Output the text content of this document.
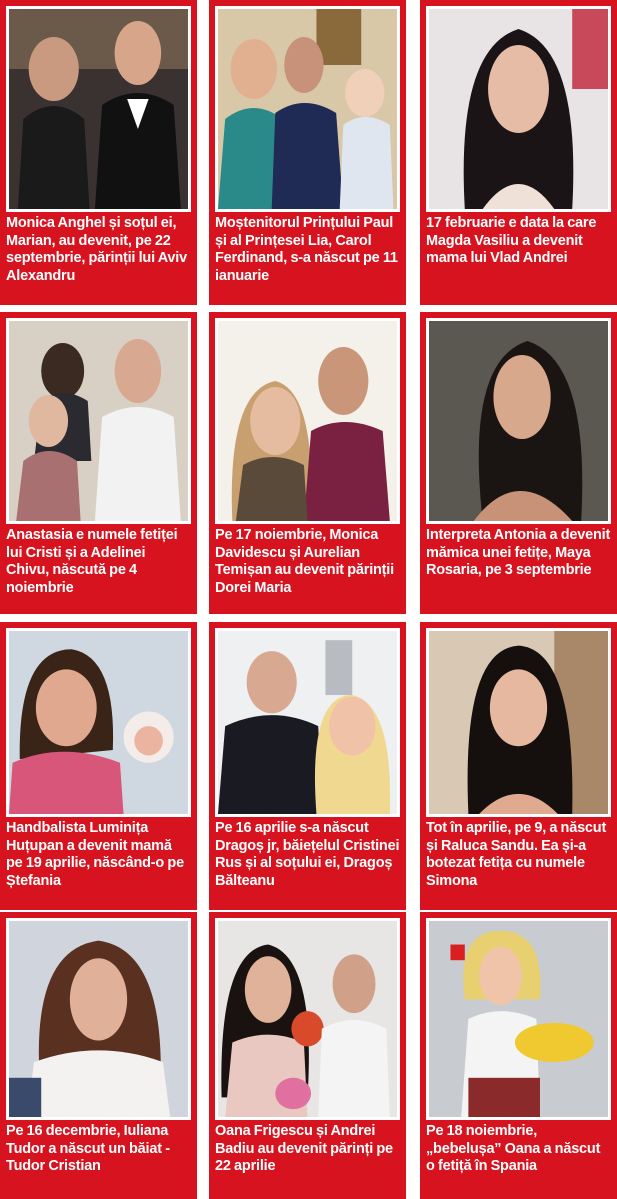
Monica Anghel și soțul ei, Marian, au devenit, pe 22 septembrie, părinții lui Aviv Alexandru
Moștenitorul Prințului Paul și al Prințesei Lia, Carol Ferdinand, s-a născut pe 11 ianuarie
17 februarie e data la care Magda Vasiliu a devenit mama lui Vlad Andrei
Anastasia e numele fetiței lui Cristi și a Adelinei Chivu, născută pe 4 noiembrie
Pe 17 noiembrie, Monica Davidescu și Aurelian Temișan au devenit părinții Dorei Maria
Interpreta Antonia a devenit mămica unei fetițe, Maya Rosaria, pe 3 septembrie
Handbalista Luminița Huțupan a devenit mamă pe 19 aprilie, născând-o pe Ștefania
Pe 16 aprilie s-a născut Dragoș jr, băiețelul Cristinei Rus și al soțului ei, Dragoș Bălteanu
Tot în aprilie, pe 9, a născut și Raluca Sandu. Ea și-a botezat fetița cu numele Simona
Pe 16 decembrie, Iuliana Tudor a născut un băiat - Tudor Cristian
Oana Frigescu și Andrei Badiu au devenit părinți pe 22 aprilie
Pe 18 noiembrie, „bebelușa” Oana a născut o fetiță în Spania
